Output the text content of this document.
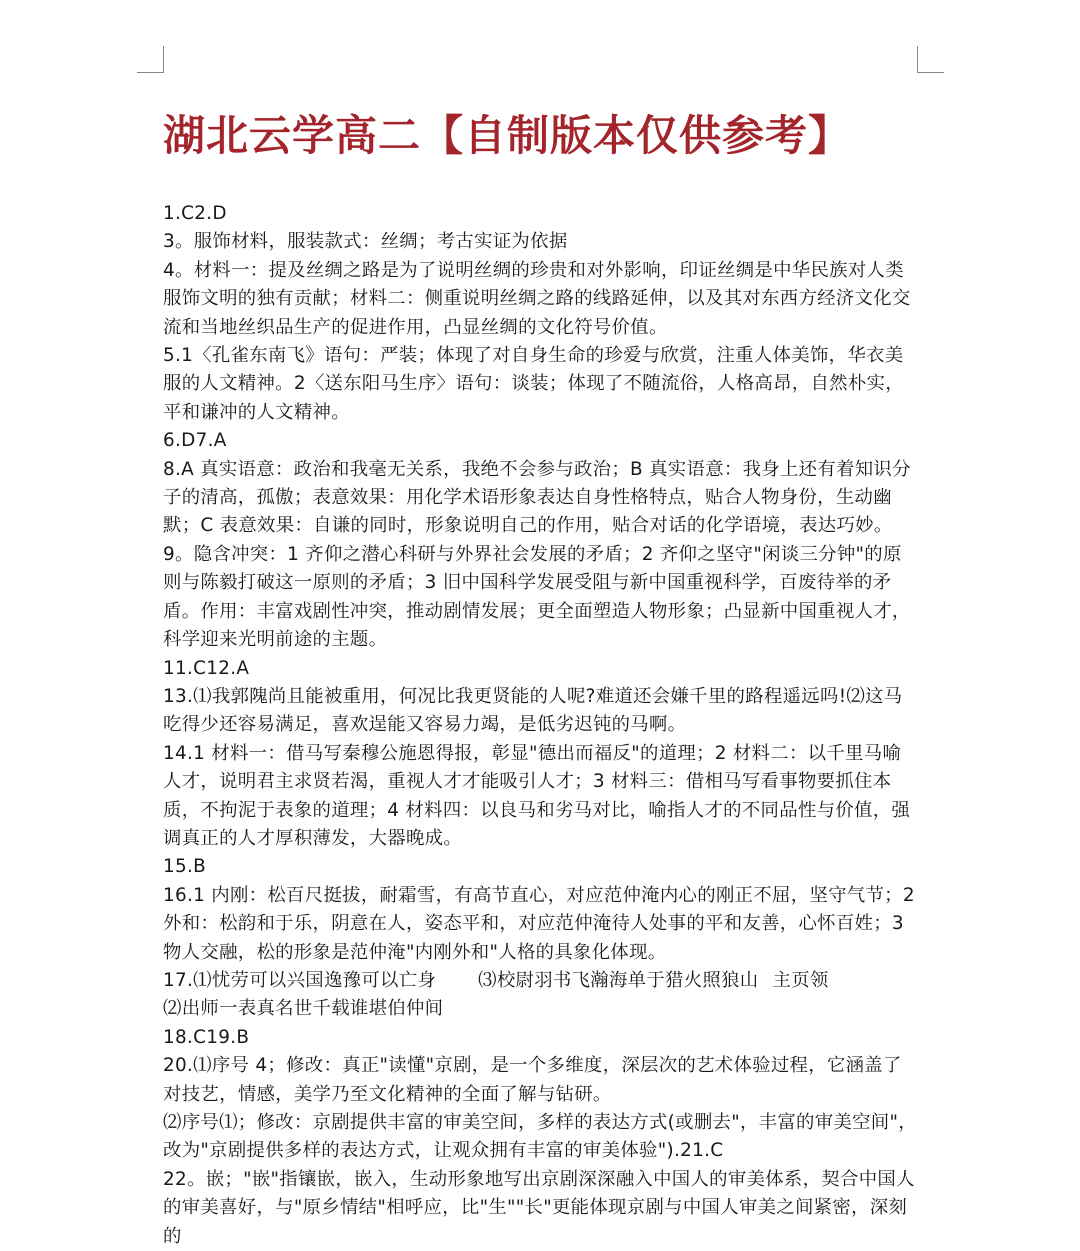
湖北云学高二【自制版本仅供参考】

1.C2.D

3。服饰材料，服装款式：丝绸；考古实证为依据

4。材料一：提及丝绸之路是为了说明丝绸的珍贵和对外影响，印证丝绸是中华民族对人类服饰文明的独有贡献；材料二：侧重说明丝绸之路的线路延伸，以及其对东西方经济文化交流和当地丝织品生产的促进作用，凸显丝绸的文化符号价值。

5.1〈孔雀东南飞》语句：严装；体现了对自身生命的珍爱与欣赏，注重人体美饰，华衣美服的人文精神。2〈送东阳马生序〉语句：谈装；体现了不随流俗，人格高昂，自然朴实，平和谦冲的人文精神。

6.D7.A

8.A 真实语意：政治和我毫无关系，我绝不会参与政治；B 真实语意：我身上还有着知识分子的清高，孤傲；表意效果：用化学术语形象表达自身性格特点，贴合人物身份，生动幽默；C 表意效果：自谦的同时，形象说明自己的作用，贴合对话的化学语境，表达巧妙。9。隐含冲突：1 齐仰之潜心科研与外界社会发展的矛盾；2 齐仰之坚守"闲谈三分钟"的原则与陈毅打破这一原则的矛盾；3 旧中国科学发展受阻与新中国重视科学，百废待举的矛盾。作用：丰富戏剧性冲突，推动剧情发展；更全面塑造人物形象；凸显新中国重视人才，科学迎来光明前途的主题。

11.C12.A

13.⑴我郭隗尚且能被重用，何况比我更贤能的人呢?难道还会嫌千里的路程遥远吗!⑵这马吃得少还容易满足，喜欢逞能又容易力竭，是低劣迟钝的马啊。

14.1 材料一：借马写秦穆公施恩得报，彰显"德出而福反"的道理；2 材料二：以千里马喻人才，说明君主求贤若渴，重视人才才能吸引人才；3 材料三：借相马写看事物要抓住本质，不拘泥于表象的道理；4 材料四：以良马和劣马对比，喻指人才的不同品性与价值，强调真正的人才厚积薄发，大器晚成。

15.B

16.1 内刚：松百尺挺拔，耐霜雪，有高节直心，对应范仲淹内心的刚正不屈，坚守气节；2 外和：松韵和于乐，阴意在人，姿态平和，对应范仲淹待人处事的平和友善，心怀百姓；3 物人交融，松的形象是范仲淹"内刚外和"人格的具象化体现。

17.⑴忧劳可以兴国逸豫可以亡身 ⑶校尉羽书飞瀚海单于猎火照狼山 主页领

⑵出师一表真名世千载谁堪伯仲间

18.C19.B

20.⑴序号 4；修改：真正"读懂"京剧，是一个多维度，深层次的艺术体验过程，它涵盖了对技艺，情感，美学乃至文化精神的全面了解与钻研。

⑵序号⑴；修改：京剧提供丰富的审美空间，多样的表达方式(或删去"，丰富的审美空间"，改为"京剧提供多样的表达方式，让观众拥有丰富的审美体验").21.C

22。嵌；"嵌"指镶嵌，嵌入，生动形象地写出京剧深深融入中国人的审美体系，契合中国人的审美喜好，与"原乡情结"相呼应，比"生""长"更能体现京剧与中国人审美之间紧密，深刻的
